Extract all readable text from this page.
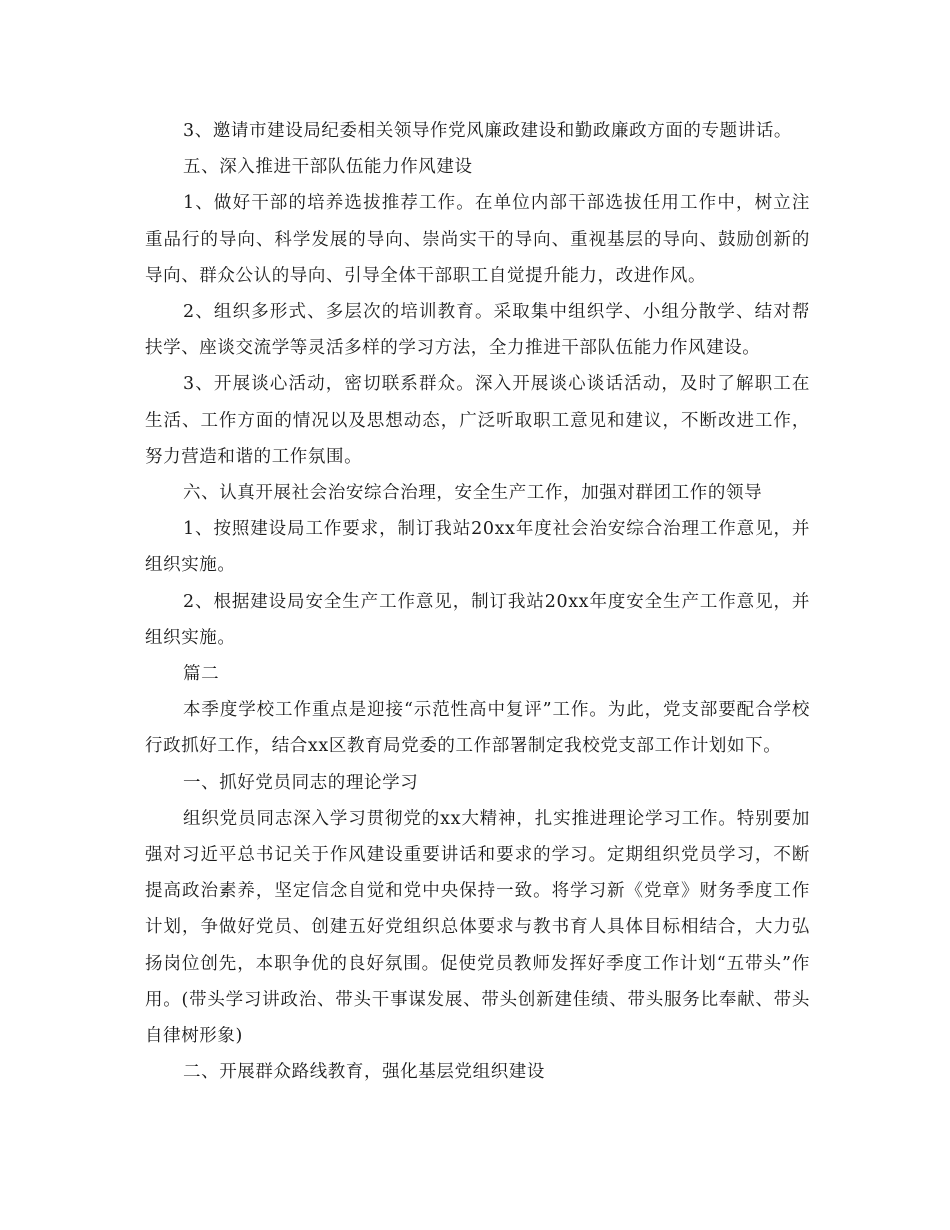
3、邀请市建设局纪委相关领导作党风廉政建设和勤政廉政方面的专题讲话。

五、深入推进干部队伍能力作风建设

1、做好干部的培养选拔推荐工作。在单位内部干部选拔任用工作中，树立注重品行的导向、科学发展的导向、崇尚实干的导向、重视基层的导向、鼓励创新的导向、群众公认的导向、引导全体干部职工自觉提升能力，改进作风。

2、组织多形式、多层次的培训教育。采取集中组织学、小组分散学、结对帮扶学、座谈交流学等灵活多样的学习方法，全力推进干部队伍能力作风建设。

3、开展谈心活动，密切联系群众。深入开展谈心谈话活动，及时了解职工在生活、工作方面的情况以及思想动态，广泛听取职工意见和建议，不断改进工作，努力营造和谐的工作氛围。

六、认真开展社会治安综合治理，安全生产工作，加强对群团工作的领导

1、按照建设局工作要求，制订我站20xx年度社会治安综合治理工作意见，并组织实施。

2、根据建设局安全生产工作意见，制订我站20xx年度安全生产工作意见，并组织实施。

篇二

本季度学校工作重点是迎接“示范性高中复评”工作。为此，党支部要配合学校行政抓好工作，结合xx区教育局党委的工作部署制定我校党支部工作计划如下。

一、抓好党员同志的理论学习

组织党员同志深入学习贯彻党的xx大精神，扎实推进理论学习工作。特别要加强对习近平总书记关于作风建设重要讲话和要求的学习。定期组织党员学习，不断提高政治素养，坚定信念自觉和党中央保持一致。将学习新《党章》财务季度工作计划，争做好党员、创建五好党组织总体要求与教书育人具体目标相结合，大力弘扬岗位创先，本职争优的良好氛围。促使党员教师发挥好季度工作计划“五带头”作用。(带头学习讲政治、带头干事谋发展、带头创新建佳绩、带头服务比奉献、带头自律树形象)

二、开展群众路线教育，强化基层党组织建设
